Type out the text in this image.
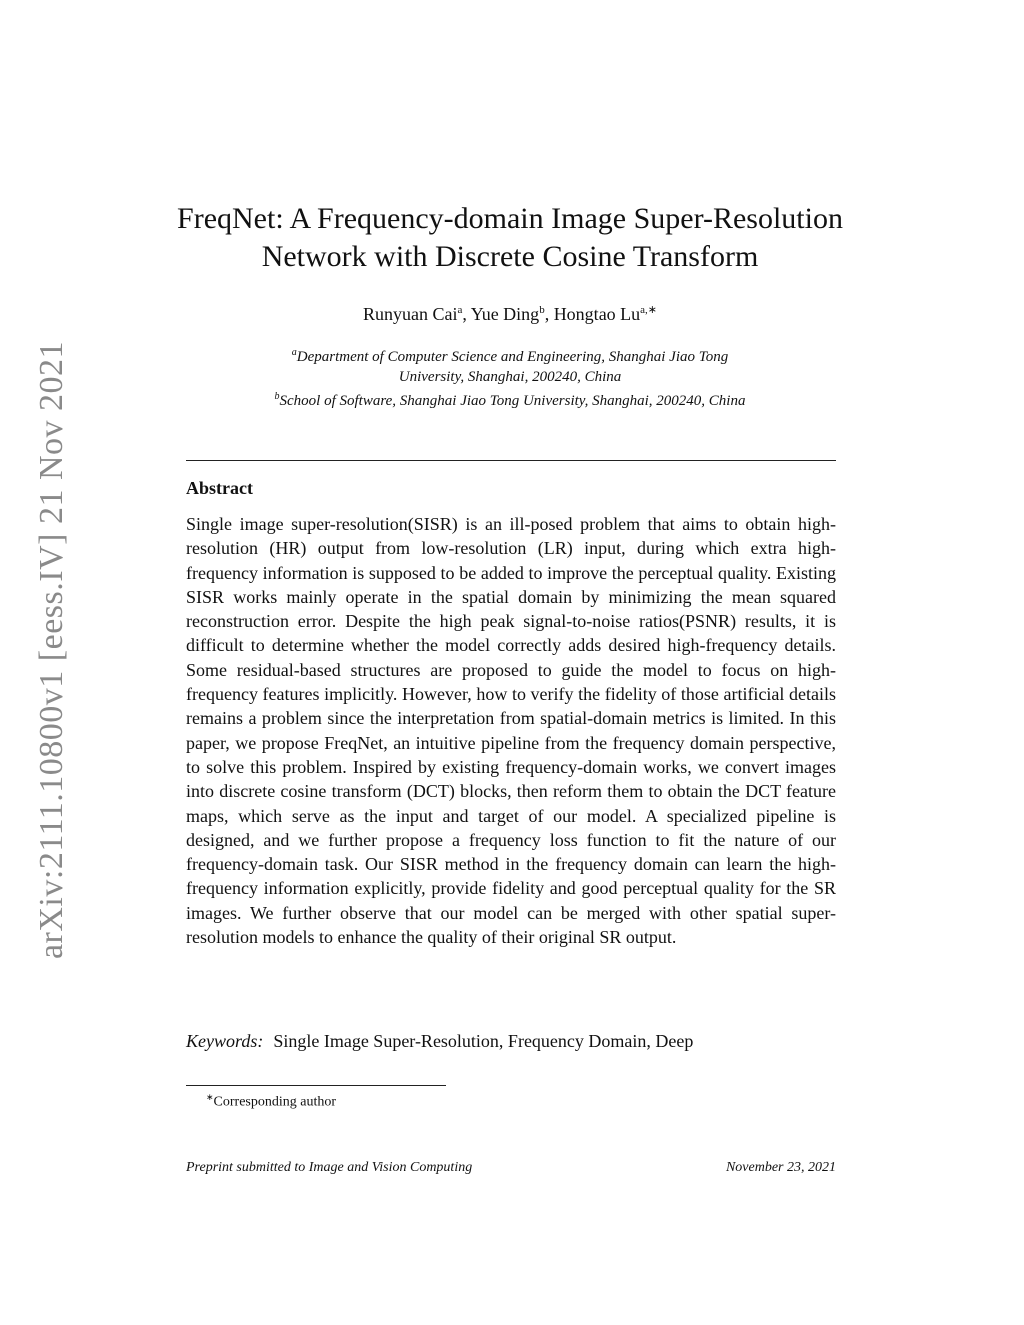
arXiv:2111.10800v1 [eess.IV] 21 Nov 2021
FreqNet: A Frequency-domain Image Super-Resolution
Network with Discrete Cosine Transform
Runyuan Cai$^a$, Yue Ding$^b$, Hongtao $Lu^{a,∗}$
$^a$Department of Computer Science and Engineering, Shanghai Jiao Tong
University, Shanghai, 200240, China
$^b$School of Software, Shanghai Jiao Tong University, Shanghai, 200240, China
Abstract
Single image super-resolution(SISR) is an ill-posed problem that aims to obtain high-resolution (HR) output from low-resolution (LR) input, during which extra high-frequency information is supposed to be added to improve the perceptual quality. Existing SISR works mainly operate in the spatial domain by minimizing the mean squared reconstruction error. Despite the high peak signal-to-noise ratios(PSNR) results, it is difficult to determine whether the model correctly adds desired high-frequency details. Some residual-based structures are proposed to guide the model to focus on high-frequency features implicitly. However, how to verify the fidelity of those artificial details remains a problem since the interpretation from spatial-domain metrics is limited. In this paper, we propose FreqNet, an intuitive pipeline from the frequency domain perspective, to solve this problem. Inspired by existing frequency-domain works, we convert images into discrete cosine transform (DCT) blocks, then reform them to obtain the DCT feature maps, which serve as the input and target of our model. A specialized pipeline is designed, and we further propose a frequency loss function to fit the nature of our frequency-domain task. Our SISR method in the frequency domain can learn the high-frequency information explicitly, provide fidelity and good perceptual quality for the SR images. We further observe that our model can be merged with other spatial super-resolution models to enhance the quality of their original SR output.
Keywords: Single Image Super-Resolution, Frequency Domain, Deep
∗Corresponding author
Preprint submitted to Image and Vision Computing	November 23, 2021
